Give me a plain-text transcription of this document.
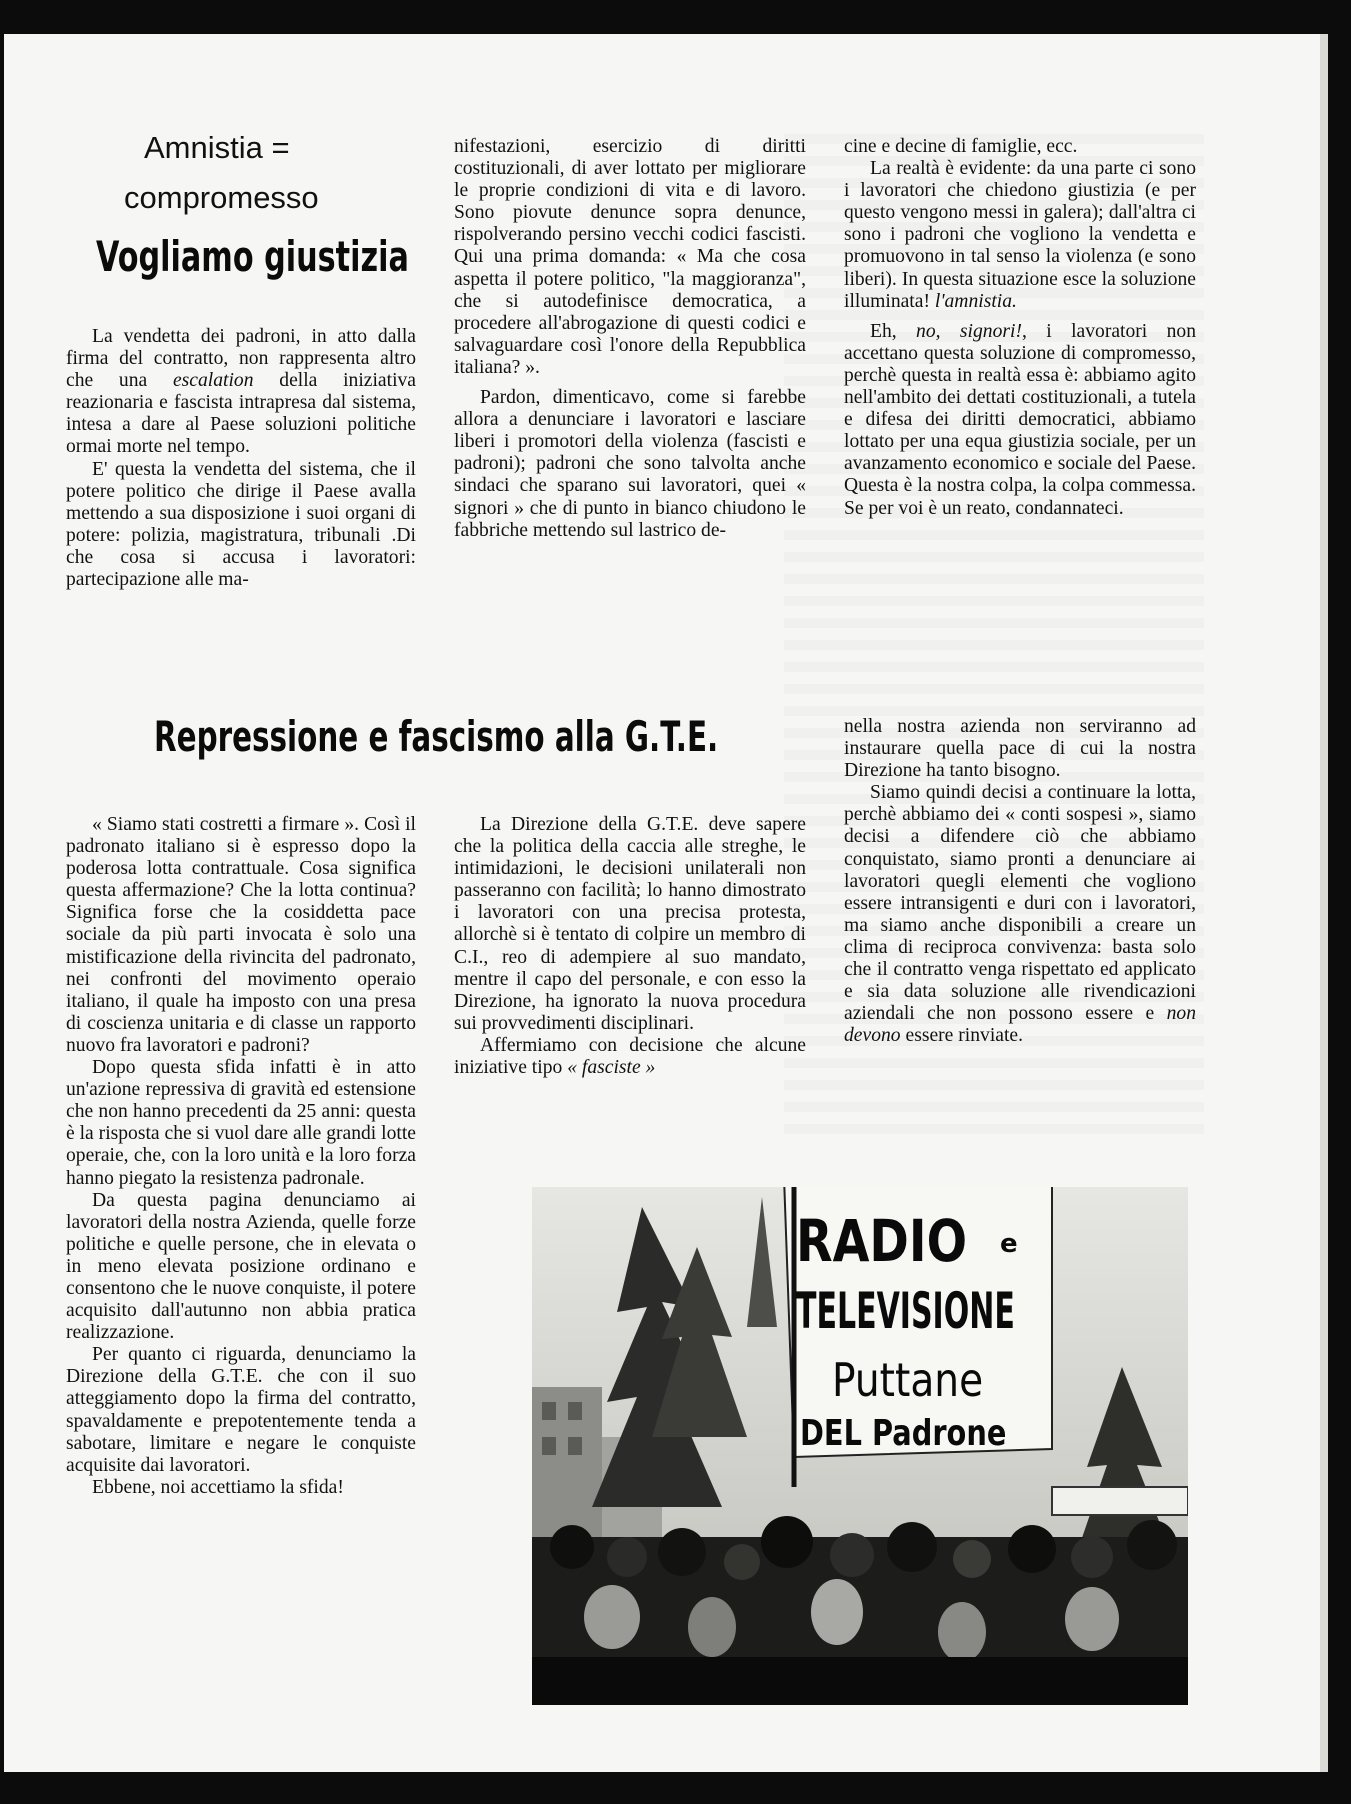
Amnistia =
compromesso
Vogliamo giustizia

La vendetta dei padroni, in atto dalla firma del contratto, non rappresenta altro che una escalation della iniziativa reazionaria e fascista intrapresa dal sistema, intesa a dare al Paese soluzioni politiche ormai morte nel tempo.

E' questa la vendetta del sistema, che il potere politico che dirige il Paese avalla mettendo a sua disposizione i suoi organi di potere: polizia, magistratura, tribunali .Di che cosa si accusa i lavoratori: partecipazione alle ma-

nifestazioni, esercizio di diritti costituzionali, di aver lottato per migliorare le proprie condizioni di vita e di lavoro. Sono piovute denunce sopra denunce, rispolverando persino vecchi codici fascisti. Qui una prima domanda: « Ma che cosa aspetta il potere politico, "la maggioranza", che si autodefinisce democratica, a procedere all'abrogazione di questi codici e salvaguardare così l'onore della Repubblica italiana? ».

Pardon, dimenticavo, come si farebbe allora a denunciare i lavoratori e lasciare liberi i promotori della violenza (fascisti e padroni); padroni che sono talvolta anche sindaci che sparano sui lavoratori, quei « signori » che di punto in bianco chiudono le fabbriche mettendo sul lastrico de-

cine e decine di famiglie, ecc.

La realtà è evidente: da una parte ci sono i lavoratori che chiedono giustizia (e per questo vengono messi in galera); dall'altra ci sono i padroni che vogliono la vendetta e promuovono in tal senso la violenza (e sono liberi). In questa situazione esce la soluzione illuminata! l'amnistia.

Eh, no, signori!, i lavoratori non accettano questa soluzione di compromesso, perchè questa in realtà essa è: abbiamo agito nell'ambito dei dettati costituzionali, a tutela e difesa dei diritti democratici, abbiamo lottato per una equa giustizia sociale, per un avanzamento economico e sociale del Paese. Questa è la nostra colpa, la colpa commessa. Se per voi è un reato, condannateci.

Repressione e fascismo alla G.T.E.

« Siamo stati costretti a firmare ». Così il padronato italiano si è espresso dopo la poderosa lotta contrattuale. Cosa significa questa affermazione? Che la lotta continua? Significa forse che la cosiddetta pace sociale da più parti invocata è solo una mistificazione della rivincita del padronato, nei confronti del movimento operaio italiano, il quale ha imposto con una presa di coscienza unitaria e di classe un rapporto nuovo fra lavoratori e padroni?

Dopo questa sfida infatti è in atto un'azione repressiva di gravità ed estensione che non hanno precedenti da 25 anni: questa è la risposta che si vuol dare alle grandi lotte operaie, che, con la loro unità e la loro forza hanno piegato la resistenza padronale.

Da questa pagina denunciamo ai lavoratori della nostra Azienda, quelle forze politiche e quelle persone, che in elevata o in meno elevata posizione ordinano e consentono che le nuove conquiste, il potere acquisito dall'autunno non abbia pratica realizzazione.

Per quanto ci riguarda, denunciamo la Direzione della G.T.E. che con il suo atteggiamento dopo la firma del contratto, spavaldamente e prepotentemente tenda a sabotare, limitare e negare le conquiste acquisite dai lavoratori.

Ebbene, noi accettiamo la sfida!

La Direzione della G.T.E. deve sapere che la politica della caccia alle streghe, le intimidazioni, le decisioni unilaterali non passeranno con facilità; lo hanno dimostrato i lavoratori con una precisa protesta, allorchè si è tentato di colpire un membro di C.I., reo di adempiere al suo mandato, mentre il capo del personale, e con esso la Direzione, ha ignorato la nuova procedura sui provvedimenti disciplinari.

Affermiamo con decisione che alcune iniziative tipo « fasciste »

nella nostra azienda non serviranno ad instaurare quella pace di cui la nostra Direzione ha tanto bisogno.

Siamo quindi decisi a continuare la lotta, perchè abbiamo dei « conti sospesi », siamo decisi a difendere ciò che abbiamo conquistato, siamo pronti a denunciare ai lavoratori quegli elementi che vogliono essere intransigenti e duri con i lavoratori, ma siamo anche disponibili a creare un clima di reciproca convivenza: basta solo che il contratto venga rispettato ed applicato e sia data soluzione alle rivendicazioni aziendali che non possono essere e non devono essere rinviate.

RADIO e
TELEVISIONE
Puttane
DEL Padrone
